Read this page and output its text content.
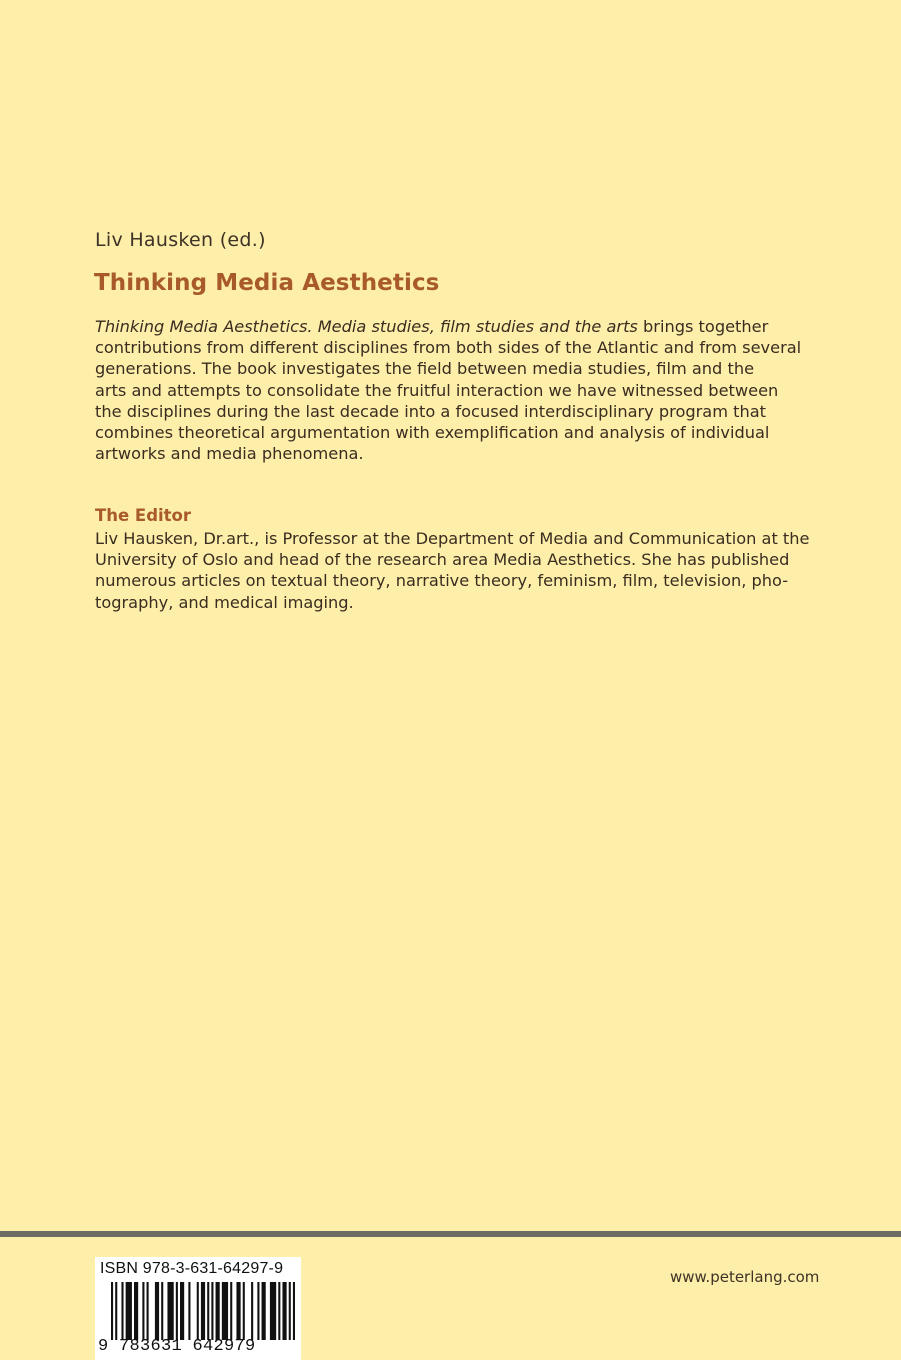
Liv Hausken (ed.)
Thinking Media Aesthetics
Thinking Media Aesthetics. Media studies, film studies and the arts brings together
contributions from different disciplines from both sides of the Atlantic and from several
generations. The book investigates the field between media studies, film and the
arts and attempts to consolidate the fruitful interaction we have witnessed between
the disciplines during the last decade into a focused interdisciplinary program that
combines theoretical argumentation with exemplification and analysis of individual
artworks and media phenomena.
The Editor
Liv Hausken, Dr.art., is Professor at the Department of Media and Communication at the
University of Oslo and head of the research area Media Aesthetics. She has published
numerous articles on textual theory, narrative theory, feminism, film, television, pho-
tography, and medical imaging.
ISBN 978-3-631-64297-9
9 783631 642979
www.peterlang.com
